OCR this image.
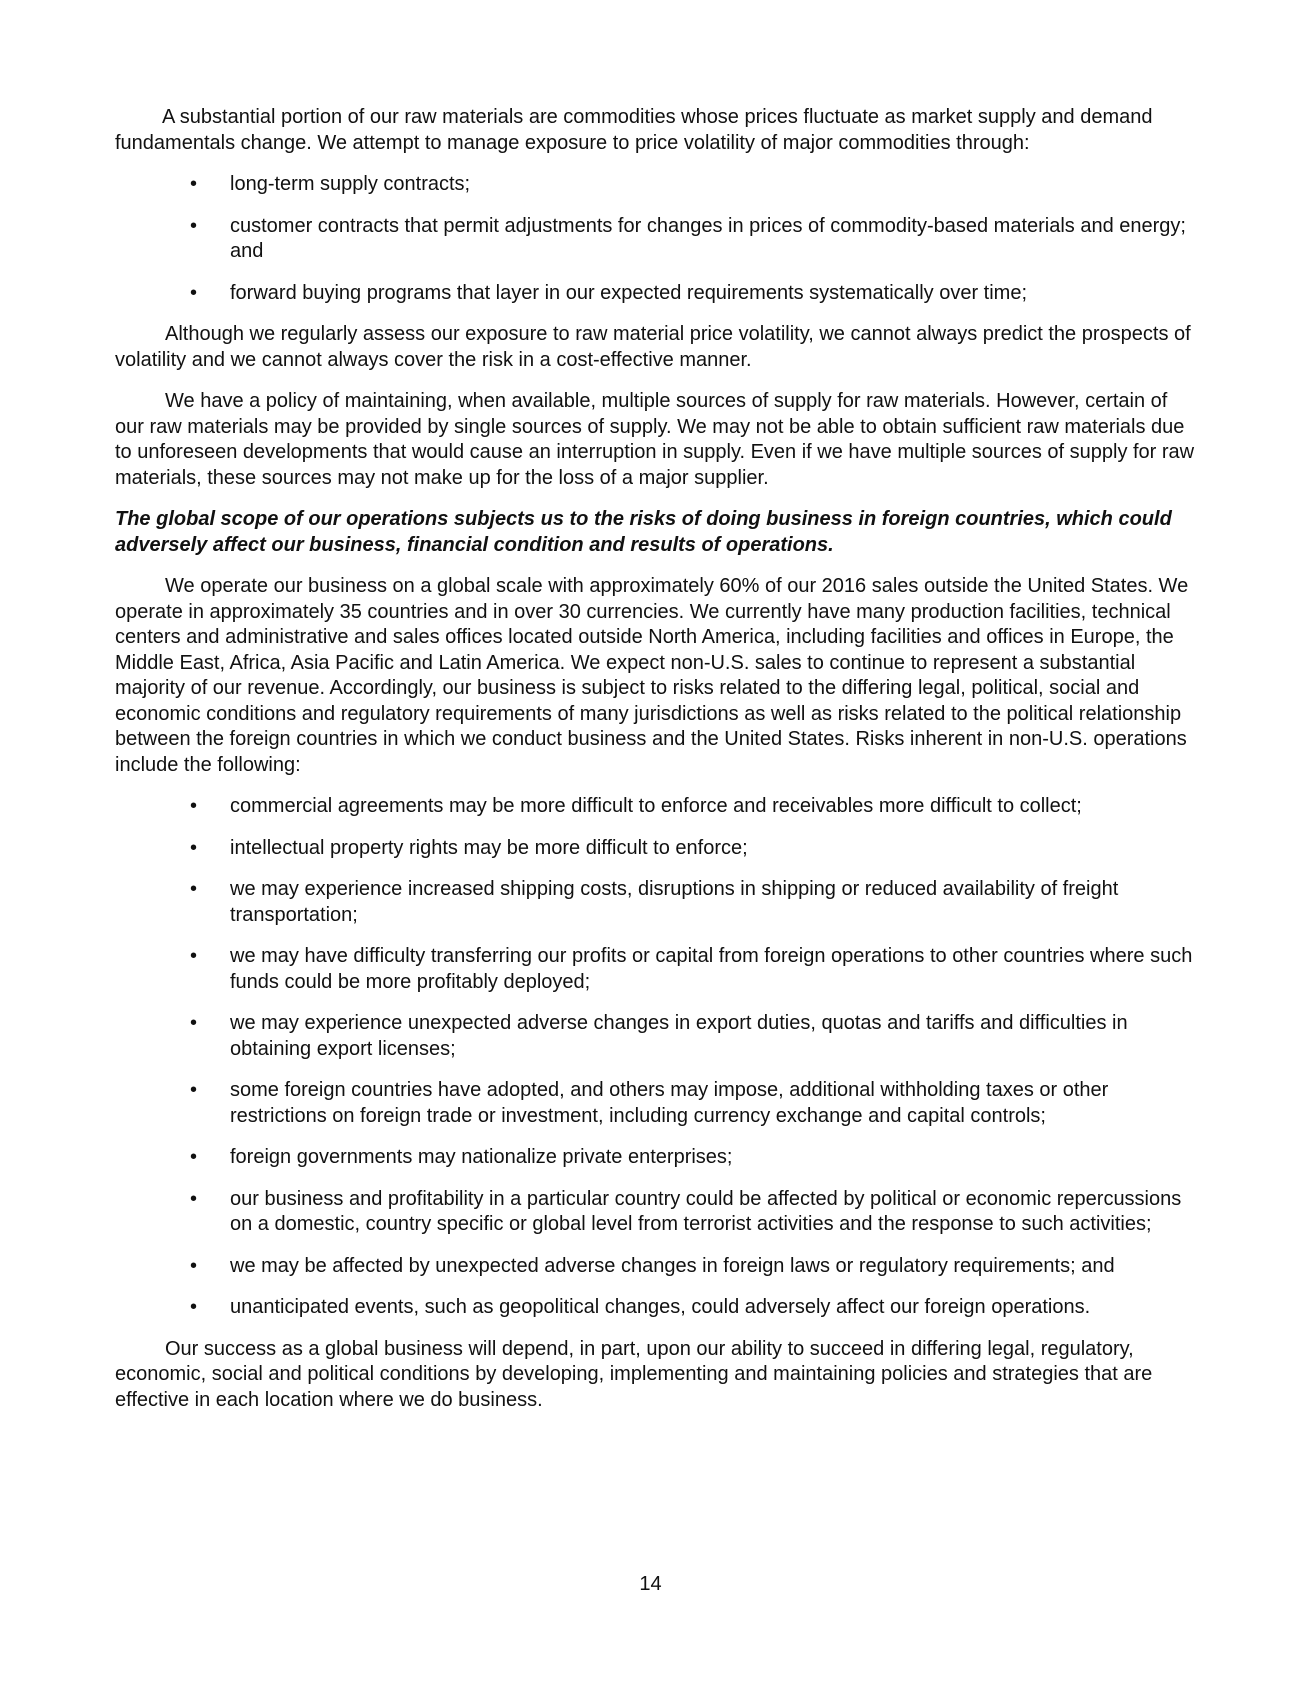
A substantial portion of our raw materials are commodities whose prices fluctuate as market supply and demand fundamentals change. We attempt to manage exposure to price volatility of major commodities through:

• long-term supply contracts;
• customer contracts that permit adjustments for changes in prices of commodity-based materials and energy; and
• forward buying programs that layer in our expected requirements systematically over time;

Although we regularly assess our exposure to raw material price volatility, we cannot always predict the prospects of volatility and we cannot always cover the risk in a cost-effective manner.

We have a policy of maintaining, when available, multiple sources of supply for raw materials. However, certain of our raw materials may be provided by single sources of supply. We may not be able to obtain sufficient raw materials due to unforeseen developments that would cause an interruption in supply. Even if we have multiple sources of supply for raw materials, these sources may not make up for the loss of a major supplier.

The global scope of our operations subjects us to the risks of doing business in foreign countries, which could adversely affect our business, financial condition and results of operations.

We operate our business on a global scale with approximately 60% of our 2016 sales outside the United States. We operate in approximately 35 countries and in over 30 currencies. We currently have many production facilities, technical centers and administrative and sales offices located outside North America, including facilities and offices in Europe, the Middle East, Africa, Asia Pacific and Latin America. We expect non-U.S. sales to continue to represent a substantial majority of our revenue. Accordingly, our business is subject to risks related to the differing legal, political, social and economic conditions and regulatory requirements of many jurisdictions as well as risks related to the political relationship between the foreign countries in which we conduct business and the United States. Risks inherent in non-U.S. operations include the following:

• commercial agreements may be more difficult to enforce and receivables more difficult to collect;
• intellectual property rights may be more difficult to enforce;
• we may experience increased shipping costs, disruptions in shipping or reduced availability of freight transportation;
• we may have difficulty transferring our profits or capital from foreign operations to other countries where such funds could be more profitably deployed;
• we may experience unexpected adverse changes in export duties, quotas and tariffs and difficulties in obtaining export licenses;
• some foreign countries have adopted, and others may impose, additional withholding taxes or other restrictions on foreign trade or investment, including currency exchange and capital controls;
• foreign governments may nationalize private enterprises;
• our business and profitability in a particular country could be affected by political or economic repercussions on a domestic, country specific or global level from terrorist activities and the response to such activities;
• we may be affected by unexpected adverse changes in foreign laws or regulatory requirements; and
• unanticipated events, such as geopolitical changes, could adversely affect our foreign operations.

Our success as a global business will depend, in part, upon our ability to succeed in differing legal, regulatory, economic, social and political conditions by developing, implementing and maintaining policies and strategies that are effective in each location where we do business.

14
